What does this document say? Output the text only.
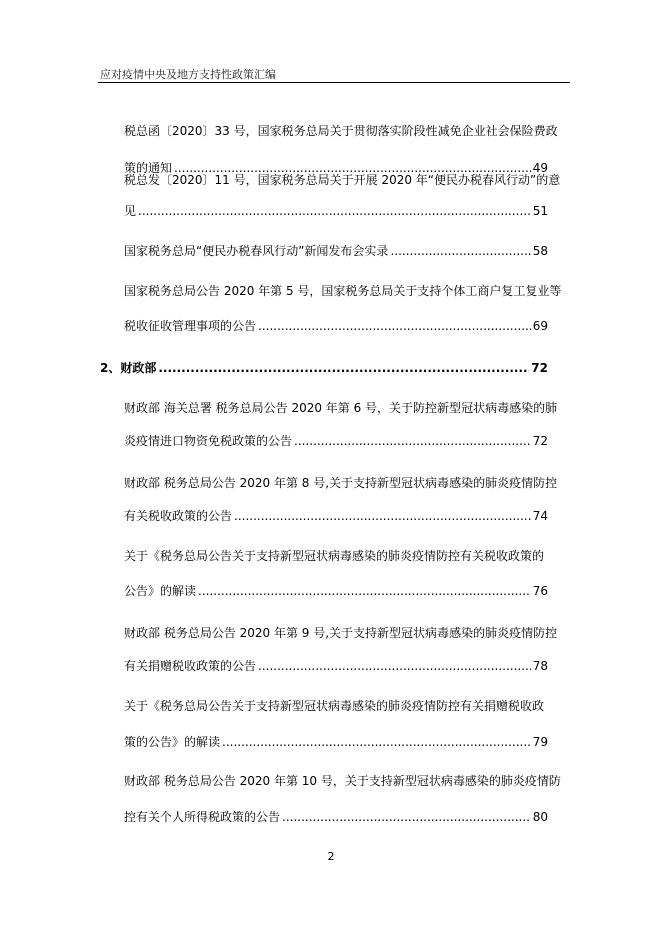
应对疫情中央及地方支持性政策汇编
税总函〔2020〕33 号，国家税务总局关于贯彻落实阶段性减免企业社会保险费政
策的通知 .....	49
税总发〔2020〕11 号，国家税务总局关于开展 2020 年“便民办税春风行动”的意
见 .....	51
国家税务总局“便民办税春风行动”新闻发布会实录 .....	58
国家税务总局公告 2020 年第 5 号，国家税务总局关于支持个体工商户复工复业等
税收征收管理事项的公告 .....	69
2、财政部 .....	72
财政部 海关总署 税务总局公告 2020 年第 6 号，关于防控新型冠状病毒感染的肺
炎疫情进口物资免税政策的公告 .....	72
财政部 税务总局公告 2020 年第 8 号,关于支持新型冠状病毒感染的肺炎疫情防控
有关税收政策的公告 .....	74
关于《税务总局公告关于支持新型冠状病毒感染的肺炎疫情防控有关税收政策的
公告》的解读 .....	76
财政部 税务总局公告 2020 年第 9 号,关于支持新型冠状病毒感染的肺炎疫情防控
有关捐赠税收政策的公告 .....	78
关于《税务总局公告关于支持新型冠状病毒感染的肺炎疫情防控有关捐赠税收政
策的公告》的解读 .....	79
财政部 税务总局公告 2020 年第 10 号，关于支持新型冠状病毒感染的肺炎疫情防
控有关个人所得税政策的公告 .....	80
2
